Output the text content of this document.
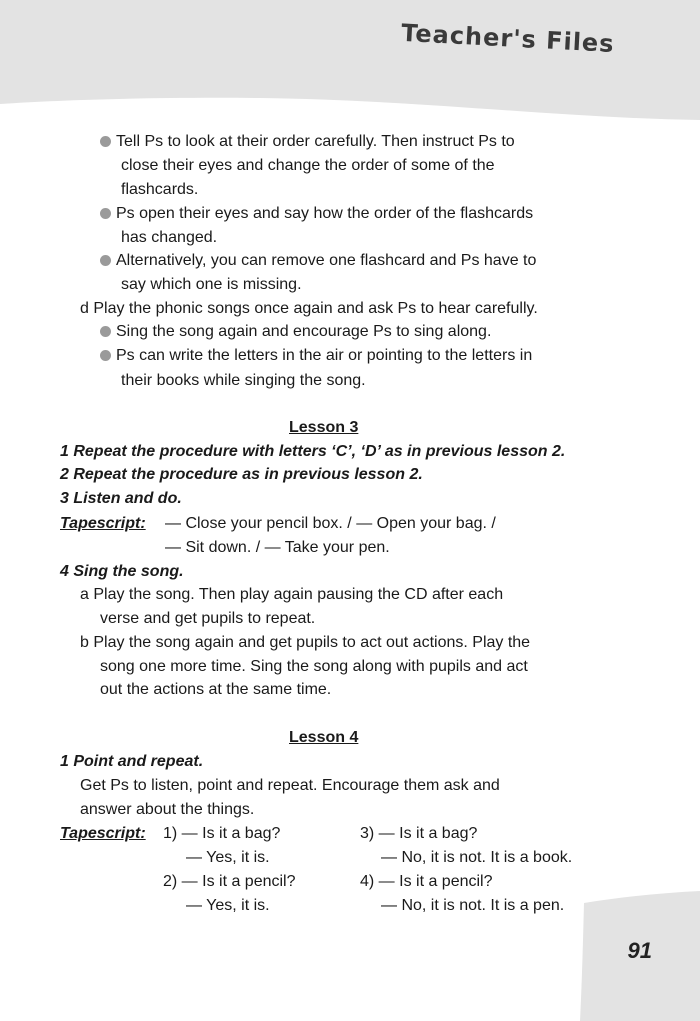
Teacher's Files
91
Tell Ps to look at their order carefully. Then instruct Ps to
close their eyes and change the order of some of the
flashcards.
Ps open their eyes and say how the order of the flashcards
has changed.
Alternatively, you can remove one flashcard and Ps have to
say which one is missing.
d Play the phonic songs once again and ask Ps to hear carefully.
Sing the song again and encourage Ps to sing along.
Ps can write the letters in the air or pointing to the letters in
their books while singing the song.
Lesson 3
1 Repeat the procedure with letters ‘C’, ‘D’ as in previous lesson 2.
2 Repeat the procedure as in previous lesson 2.
3 Listen and do.
Tapescript: — Close your pencil box. / — Open your bag. /
— Sit down. / — Take your pen.
4 Sing the song.
a Play the song. Then play again pausing the CD after each
verse and get pupils to repeat.
b Play the song again and get pupils to act out actions. Play the
song one more time. Sing the song along with pupils and act
out the actions at the same time.
Lesson 4
1 Point and repeat.
Get Ps to listen, point and repeat. Encourage them ask and
answer about the things.
Tapescript: 1) — Is it a bag?
— Yes, it is.
2) — Is it a pencil?
— Yes, it is.
3) — Is it a bag?
— No, it is not. It is a book.
4) — Is it a pencil?
— No, it is not. It is a pen.
